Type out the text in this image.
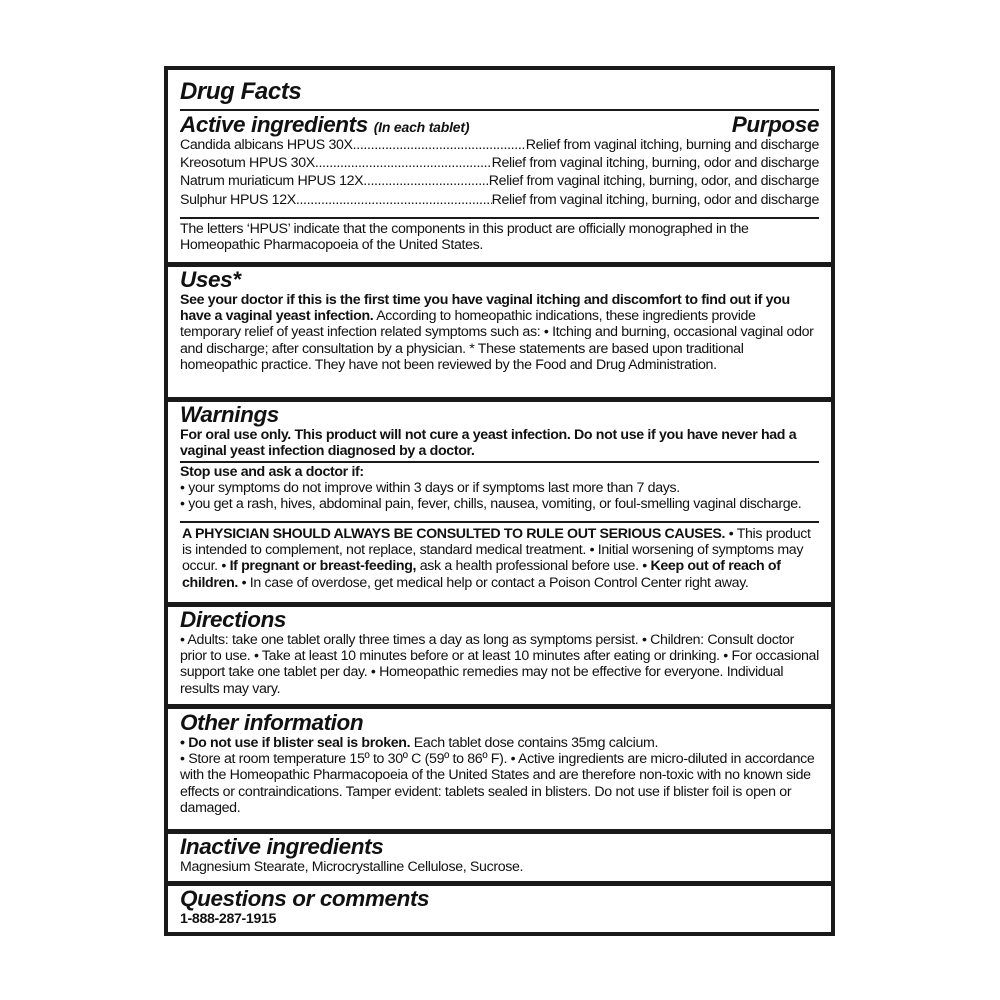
Drug Facts
Active ingredients (In each tablet)	Purpose
Candida albicans HPUS 30X .....	Relief from vaginal itching, burning and discharge
Kreosotum HPUS 30X .....	Relief from vaginal itching, burning, odor and discharge
Natrum muriaticum HPUS 12X .....	Relief from vaginal itching, burning, odor, and discharge
Sulphur HPUS 12X .....	Relief from vaginal itching, burning, odor and discharge
The letters ‘HPUS’ indicate that the components in this product are officially monographed in the Homeopathic Pharmacopoeia of the United States.
Uses*
See your doctor if this is the first time you have vaginal itching and discomfort to find out if you have a vaginal yeast infection. According to homeopathic indications, these ingredients provide temporary relief of yeast infection related symptoms such as: • Itching and burning, occasional vaginal odor and discharge; after consultation by a physician. * These statements are based upon traditional homeopathic practice. They have not been reviewed by the Food and Drug Administration.
Warnings
For oral use only. This product will not cure a yeast infection. Do not use if you have never had a vaginal yeast infection diagnosed by a doctor.
Stop use and ask a doctor if:
• your symptoms do not improve within 3 days or if symptoms last more than 7 days.
• you get a rash, hives, abdominal pain, fever, chills, nausea, vomiting, or foul-smelling vaginal discharge.
A PHYSICIAN SHOULD ALWAYS BE CONSULTED TO RULE OUT SERIOUS CAUSES. • This product is intended to complement, not replace, standard medical treatment. • Initial worsening of symptoms may occur. • If pregnant or breast-feeding, ask a health professional before use. • Keep out of reach of children. • In case of overdose, get medical help or contact a Poison Control Center right away.
Directions
• Adults: take one tablet orally three times a day as long as symptoms persist. • Children: Consult doctor prior to use. • Take at least 10 minutes before or at least 10 minutes after eating or drinking. • For occasional support take one tablet per day. • Homeopathic remedies may not be effective for everyone. Individual results may vary.
Other information
• Do not use if blister seal is broken. Each tablet dose contains 35mg calcium.
• Store at room temperature 15º to 30º C (59º to 86º F). • Active ingredients are micro-diluted in accordance with the Homeopathic Pharmacopoeia of the United States and are therefore non-toxic with no known side effects or contraindications. Tamper evident: tablets sealed in blisters. Do not use if blister foil is open or damaged.
Inactive ingredients
Magnesium Stearate, Microcrystalline Cellulose, Sucrose.
Questions or comments
1-888-287-1915
